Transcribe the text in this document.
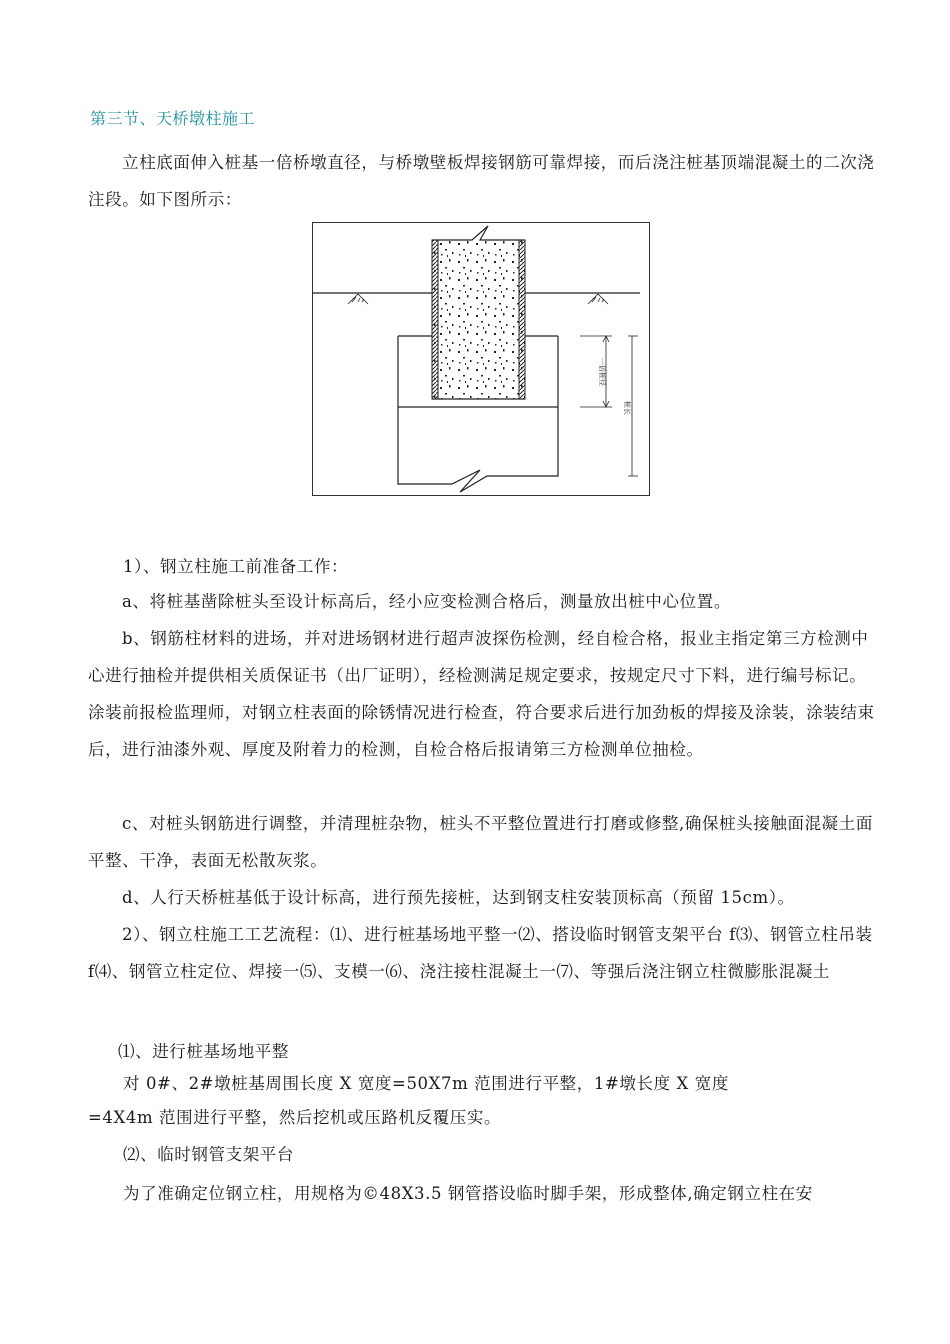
第三节、天桥墩柱施工

立柱底面伸入桩基一倍桥墩直径，与桥墩壁板焊接钢筋可靠焊接，而后浇注桩基顶端混凝土的二次浇注段。如下图所示：

一倍桩径
桩长
1）、钢立柱施工前准备工作：

a、将桩基凿除桩头至设计标高后，经小应变检测合格后，测量放出桩中心位置。

b、钢筋柱材料的进场，并对进场钢材进行超声波探伤检测，经自检合格，报业主指定第三方检测中心进行抽检并提供相关质保证书（出厂证明），经检测满足规定要求，按规定尺寸下料，进行编号标记。涂装前报检监理师，对钢立柱表面的除锈情况进行检查，符合要求后进行加劲板的焊接及涂装，涂装结束后，进行油漆外观、厚度及附着力的检测，自检合格后报请第三方检测单位抽检。

c、对桩头钢筋进行调整，并清理桩杂物，桩头不平整位置进行打磨或修整,确保桩头接触面混凝土面平整、干净，表面无松散灰浆。

d、人行天桥桩基低于设计标高，进行预先接桩，达到钢支柱安装顶标高（预留 15cm）。

2）、钢立柱施工工艺流程：⑴、进行桩基场地平整一⑵、搭设临时钢管支架平台 f⑶、钢管立柱吊装 f⑷、钢管立柱定位、焊接一⑸、支模一⑹、浇注接柱混凝土一⑺、等强后浇注钢立柱微膨胀混凝土

⑴、进行桩基场地平整
对 0#、2#墩桩基周围长度 X 宽度=50X7m 范围进行平整，1#墩长度 X 宽度
=4X4m 范围进行平整，然后挖机或压路机反覆压实。
⑵、临时钢管支架平台
为了准确定位钢立柱，用规格为©48X3.5 钢管搭设临时脚手架，形成整体,确定钢立柱在安
